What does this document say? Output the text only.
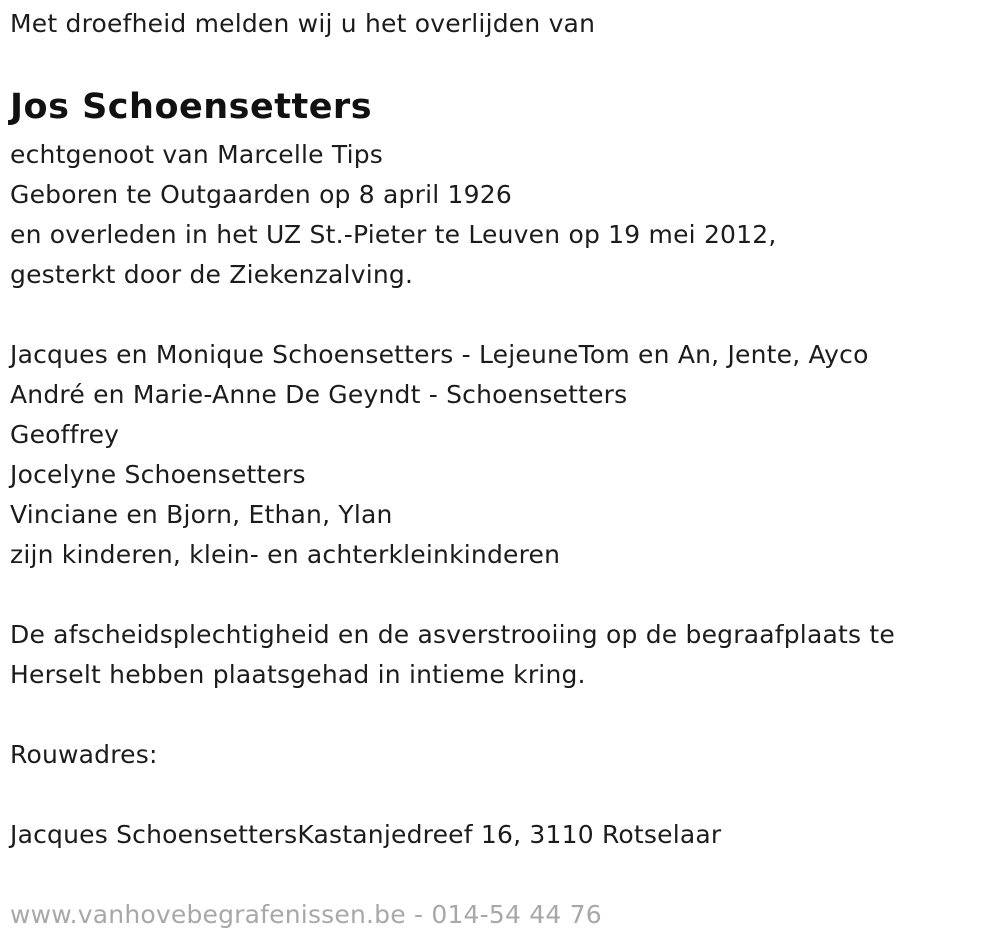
Met droefheid melden wij u het overlijden van
Jos Schoensetters
echtgenoot van Marcelle Tips
Geboren te Outgaarden op 8 april 1926
en overleden in het UZ St.-Pieter te Leuven op 19 mei 2012,
gesterkt door de Ziekenzalving.
Jacques en Monique Schoensetters - LejeuneTom en An, Jente, Ayco
André en Marie-Anne De Geyndt - Schoensetters
Geoffrey
Jocelyne Schoensetters
Vinciane en Bjorn, Ethan, Ylan
zijn kinderen, klein- en achterkleinkinderen
De afscheidsplechtigheid en de asverstrooiing op de begraafplaats te
Herselt hebben plaatsgehad in intieme kring.
Rouwadres:
Jacques SchoensettersKastanjedreef 16, 3110 Rotselaar
www.vanhovebegrafenissen.be - 014-54 44 76
